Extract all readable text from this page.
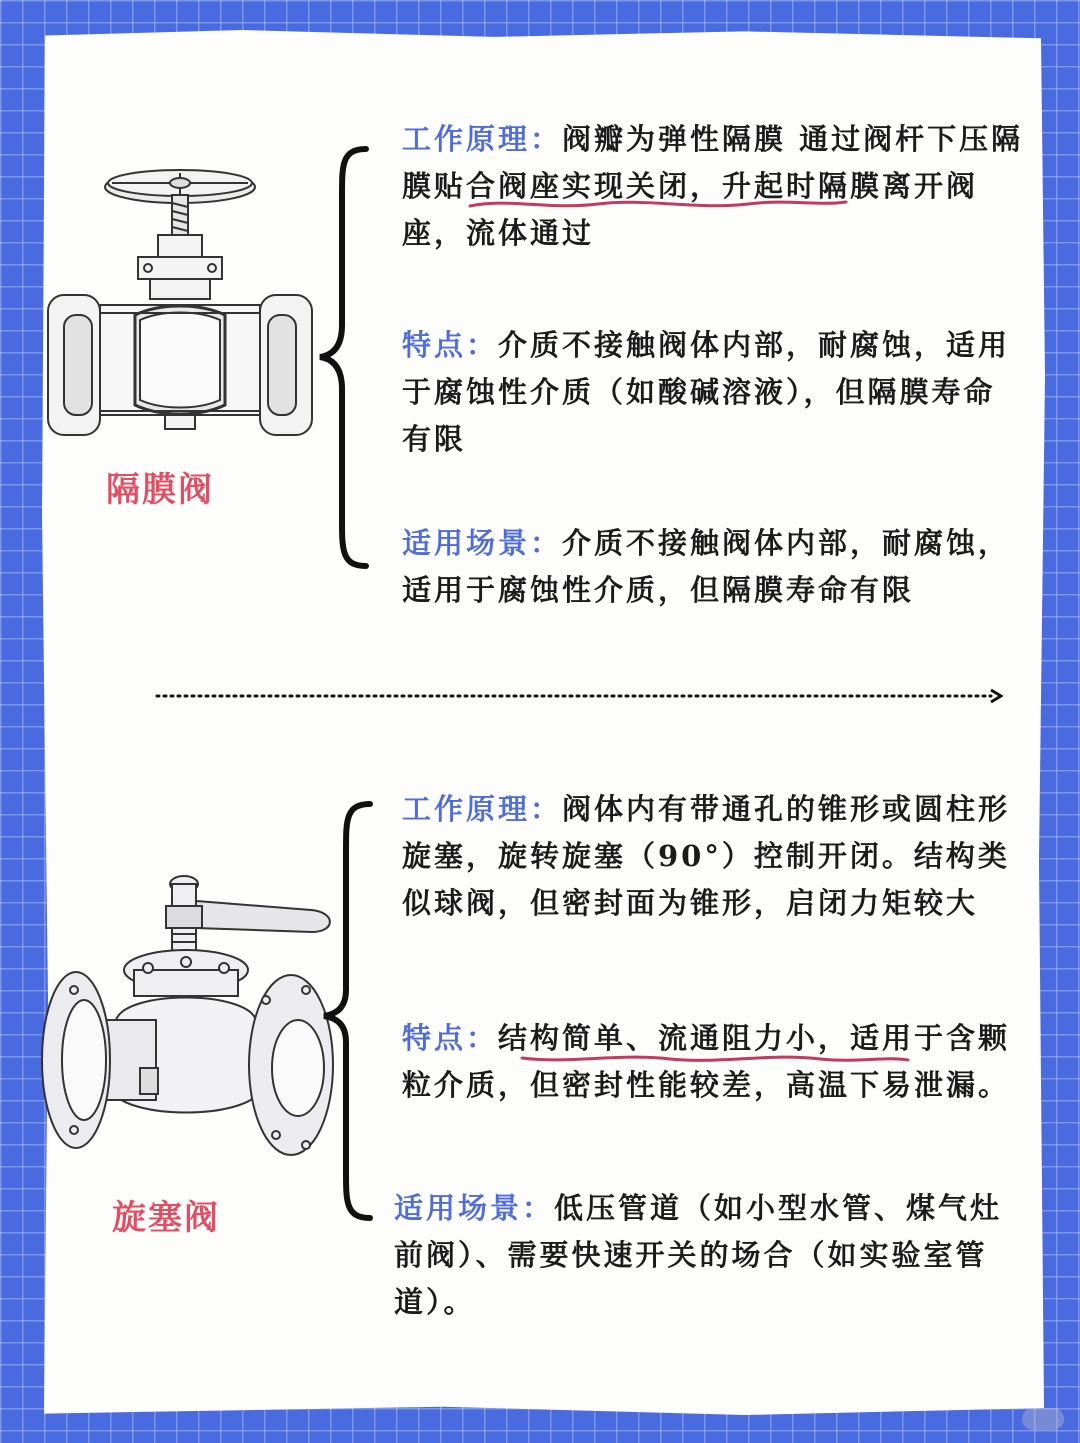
隔膜阀

工作原理：阀瓣为弹性隔膜 通过阀杆下压隔膜贴合阀座实现关闭，升起时隔膜离开阀座，流体通过

特点：介质不接触阀体内部，耐腐蚀，适用于腐蚀性介质（如酸碱溶液），但隔膜寿命有限

适用场景：介质不接触阀体内部，耐腐蚀，适用于腐蚀性介质，但隔膜寿命有限

旋塞阀

工作原理：阀体内有带通孔的锥形或圆柱形旋塞，旋转旋塞（90°）控制开闭。结构类似球阀，但密封面为锥形，启闭力矩较大

特点：结构简单、流通阻力小，适用于含颗粒介质，但密封性能较差，高温下易泄漏。

适用场景：低压管道（如小型水管、煤气灶前阀）、需要快速开关的场合（如实验室管道）。
